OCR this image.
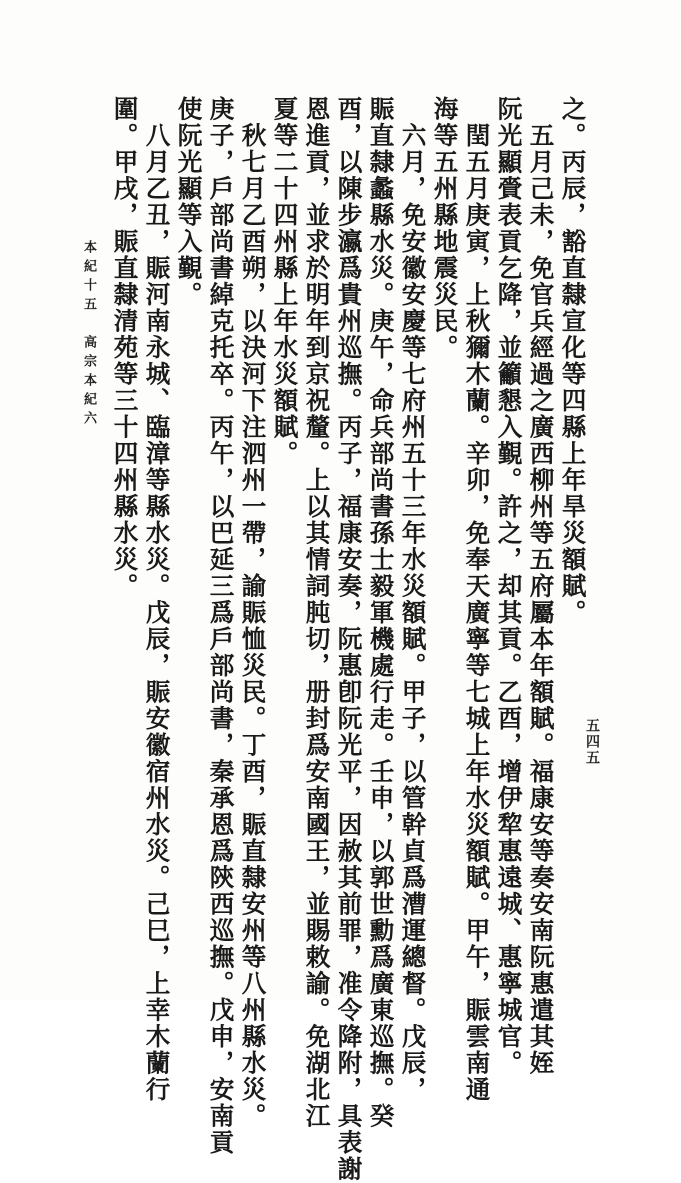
之。丙辰，豁直隸宣化等四縣上年旱災額賦。
　五月己未，免官兵經過之廣西柳州等五府屬本年額賦。福康安等奏安南阮惠遣其姪
阮光顯賫表貢乞降，並籲懇入覲。許之，却其貢。乙酉，增伊犂惠遠城、惠寧城官。
　閏五月庚寅，上秋獮木蘭。辛卯，免奉天廣寧等七城上年水災額賦。甲午，賑雲南通
海等五州縣地震災民。
　六月，免安徽安慶等七府州五十三年水災額賦。甲子，以管幹貞爲漕運總督。戊辰，
賑直隸蠡縣水災。庚午，命兵部尚書孫士毅軍機處行走。壬申，以郭世勳爲廣東巡撫。癸
酉，以陳步瀛爲貴州巡撫。丙子，福康安奏，阮惠卽阮光平，因赦其前罪，准令降附，具表謝
恩進貢，並求於明年到京祝釐。上以其情詞肫切，册封爲安南國王，並賜敕諭。免湖北江
夏等二十四州縣上年水災額賦。
　秋七月乙酉朔，以決河下注泗州一帶，諭賑恤災民。丁酉，賑直隸安州等八州縣水災。
庚子，戶部尚書綽克托卒。丙午，以巴延三爲戶部尚書，秦承恩爲陝西巡撫。戊申，安南貢
使阮光顯等入覲。
　八月乙丑，賑河南永城、臨漳等縣水災。戊辰，賑安徽宿州水災。己巳，上幸木蘭行
圍。甲戌，賑直隸清苑等三十四州縣水災。
本紀十五　高宗本紀六
五四五
